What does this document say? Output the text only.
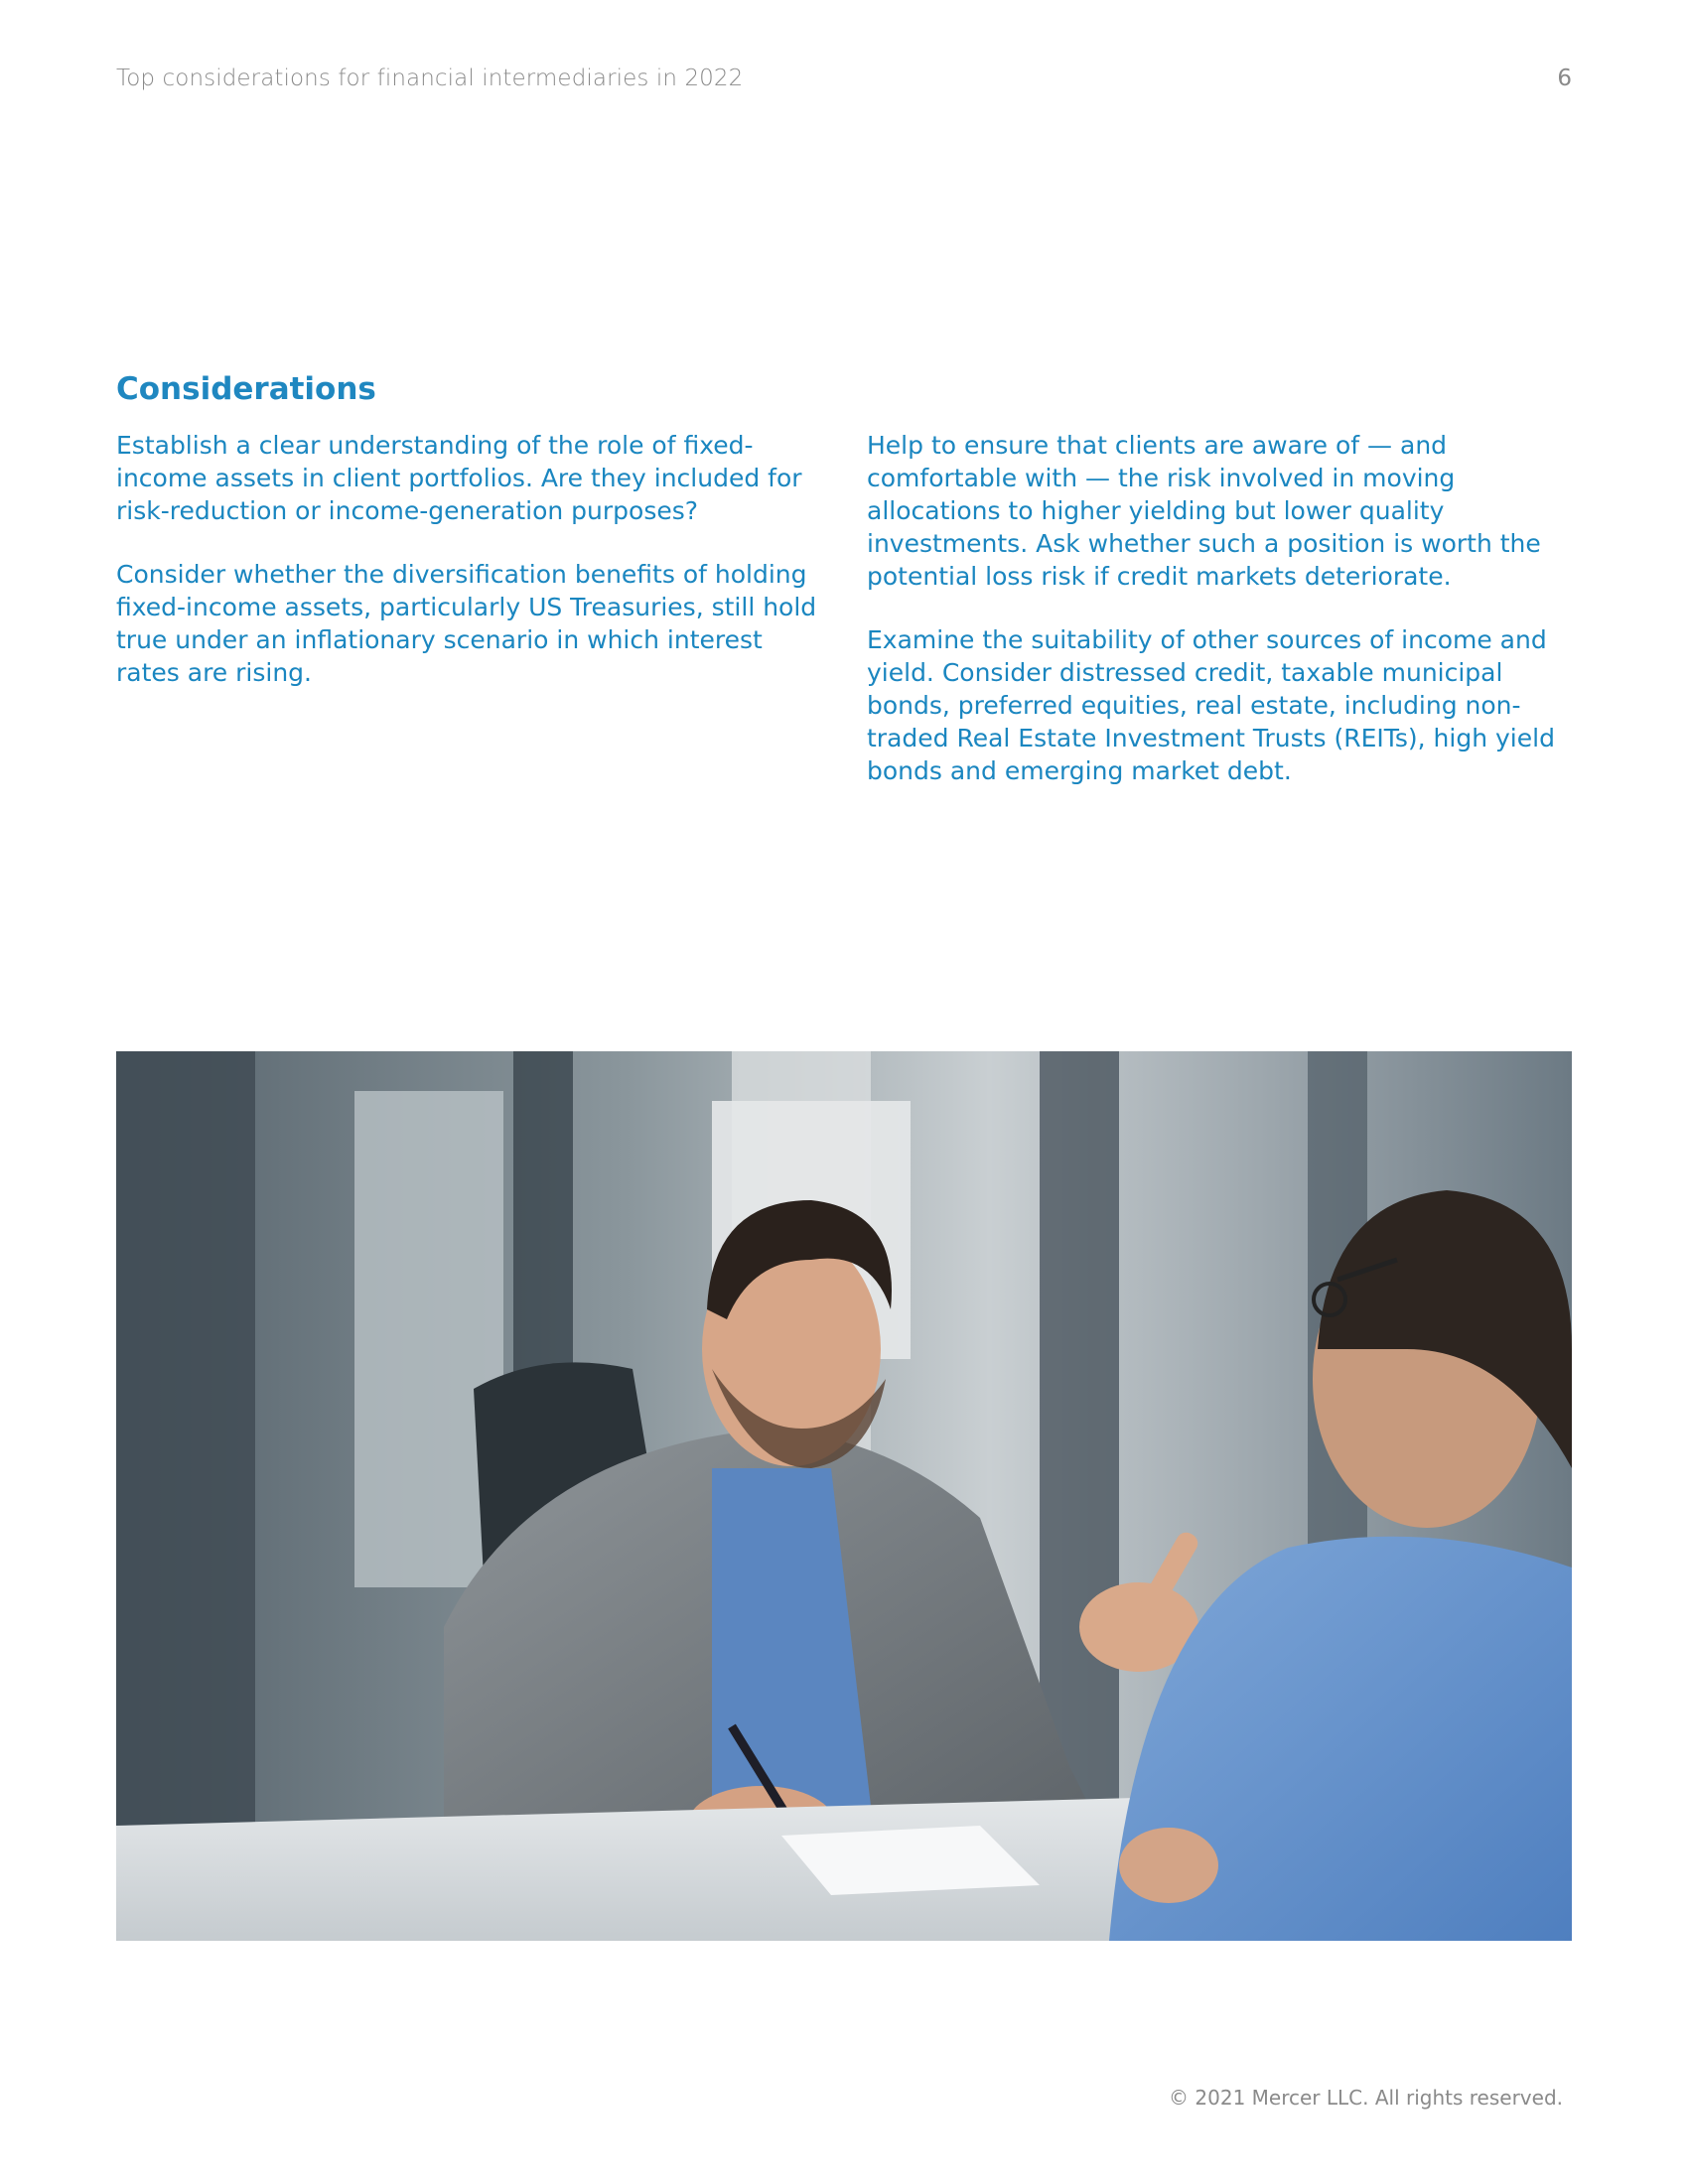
Top considerations for financial intermediaries in 2022	6
Considerations

Establish a clear understanding of the role of fixed-income assets in client portfolios. Are they included for risk-reduction or income-generation purposes?

Consider whether the diversification benefits of holding fixed-income assets, particularly US Treasuries, still hold true under an inflationary scenario in which interest rates are rising.

Help to ensure that clients are aware of — and comfortable with — the risk involved in moving allocations to higher yielding but lower quality investments. Ask whether such a position is worth the potential loss risk if credit markets deteriorate.

Examine the suitability of other sources of income and yield. Consider distressed credit, taxable municipal bonds, preferred equities, real estate, including non-traded Real Estate Investment Trusts (REITs), high yield bonds and emerging market debt.

© 2021 Mercer LLC. All rights reserved.
